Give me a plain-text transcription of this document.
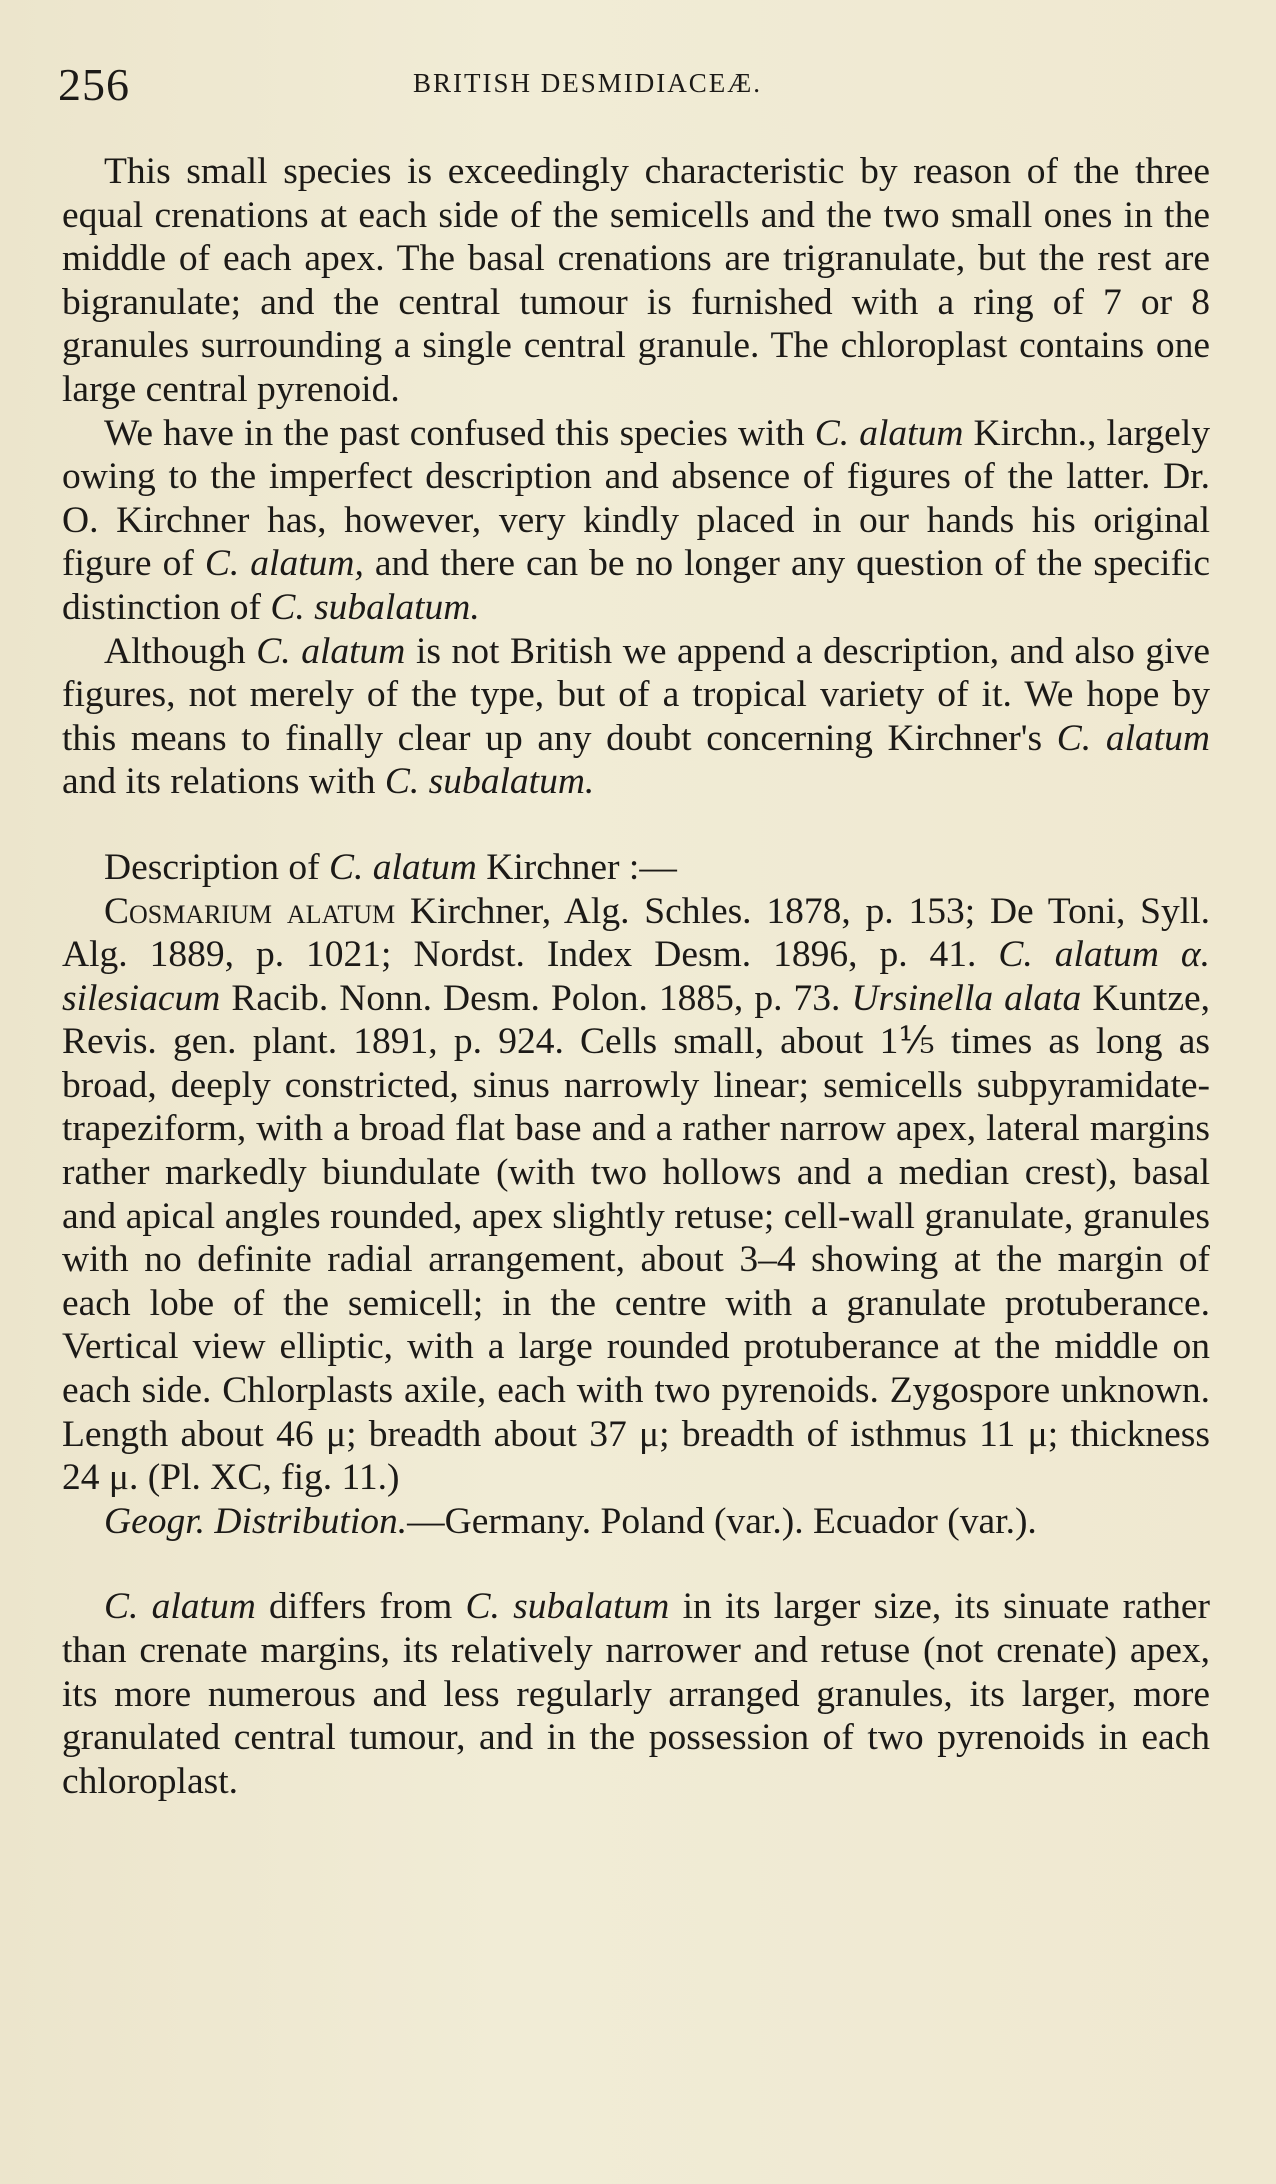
256	BRITISH DESMIDIACEÆ.

This small species is exceedingly characteristic by reason of the three equal crenations at each side of the semicells and the two small ones in the middle of each apex. The basal crenations are trigranulate, but the rest are bigranulate; and the central tumour is furnished with a ring of 7 or 8 granules surrounding a single central granule. The chloroplast contains one large central pyrenoid.

We have in the past confused this species with C. alatum Kirchn., largely owing to the imperfect description and absence of figures of the latter. Dr. O. Kirchner has, however, very kindly placed in our hands his original figure of C. alatum, and there can be no longer any question of the specific distinction of C. subalatum.

Although C. alatum is not British we append a description, and also give figures, not merely of the type, but of a tropical variety of it. We hope by this means to finally clear up any doubt concerning Kirchner's C. alatum and its relations with C. subalatum.

Description of C. alatum Kirchner :—

Cosmarium alatum Kirchner, Alg. Schles. 1878, p. 153; De Toni, Syll. Alg. 1889, p. 1021; Nordst. Index Desm. 1896, p. 41. C. alatum α. silesiacum Racib. Nonn. Desm. Polon. 1885, p. 73. Ursinella alata Kuntze, Revis. gen. plant. 1891, p. 924. Cells small, about 1⅕ times as long as broad, deeply constricted, sinus narrowly linear; semicells subpyramidate-trapeziform, with a broad flat base and a rather narrow apex, lateral margins rather markedly biundulate (with two hollows and a median crest), basal and apical angles rounded, apex slightly retuse; cell-wall granulate, granules with no definite radial arrangement, about 3–4 showing at the margin of each lobe of the semicell; in the centre with a granulate protuberance. Vertical view elliptic, with a large rounded protuberance at the middle on each side. Chlorplasts axile, each with two pyrenoids. Zygospore unknown. Length about 46 μ; breadth about 37 μ; breadth of isthmus 11 μ; thickness 24 μ. (Pl. XC, fig. 11.)

Geogr. Distribution.—Germany. Poland (var.). Ecuador (var.).

C. alatum differs from C. subalatum in its larger size, its sinuate rather than crenate margins, its relatively narrower and retuse (not crenate) apex, its more numerous and less regularly arranged granules, its larger, more granulated central tumour, and in the possession of two pyrenoids in each chloroplast.
